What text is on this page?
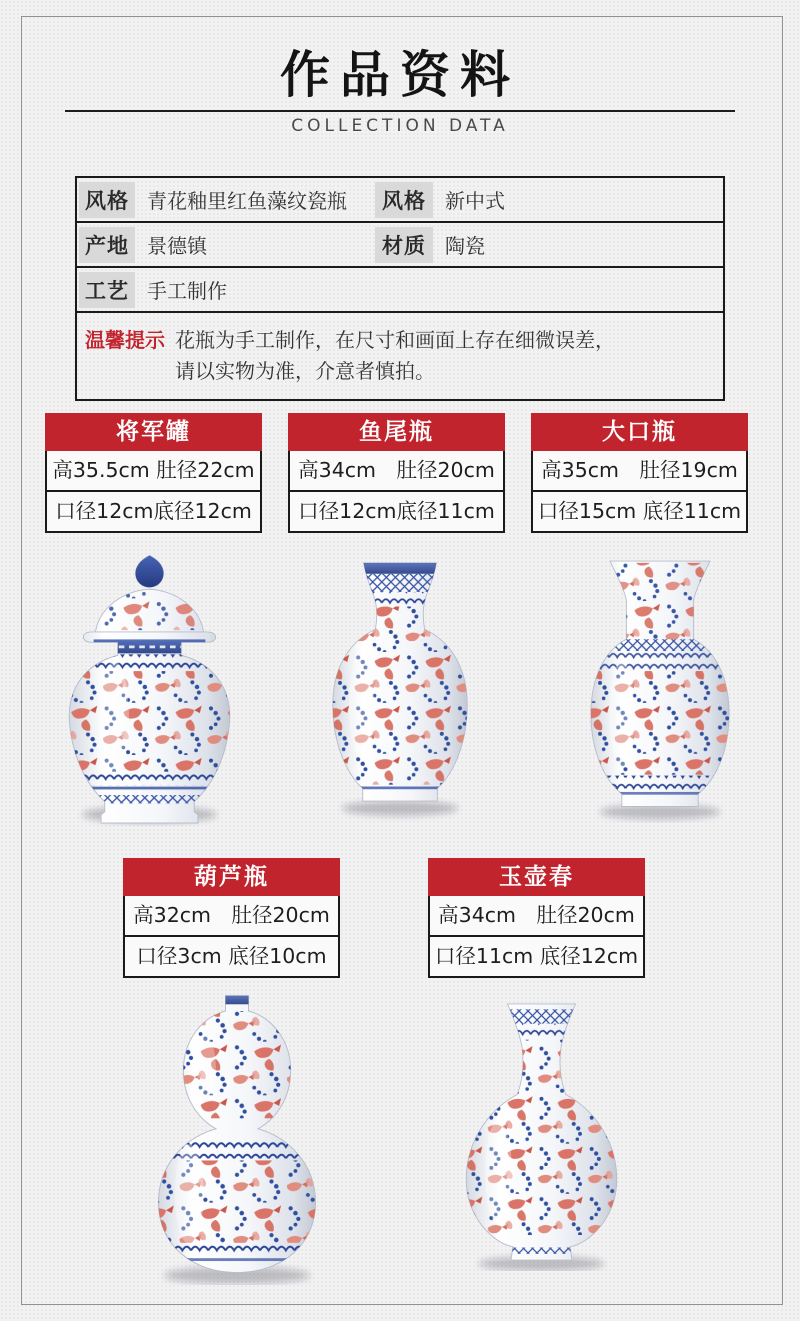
作品资料
COLLECTION DATA
风格 青花釉里红鱼藻纹瓷瓶	风格 新中式
产地 景德镇	材质 陶瓷
工艺 手工制作
温馨提示 花瓶为手工制作，在尺寸和画面上存在细微误差，
请以实物为准，介意者慎拍。
将军罐
高35.5cm 肚径22cm
口径12cm底径12cm
鱼尾瓶
高34cm　肚径20cm
口径12cm底径11cm
大口瓶
高35cm　肚径19cm
口径15cm 底径11cm
葫芦瓶
高32cm　肚径20cm
口径3cm 底径10cm
玉壶春
高34cm　肚径20cm
口径11cm 底径12cm
